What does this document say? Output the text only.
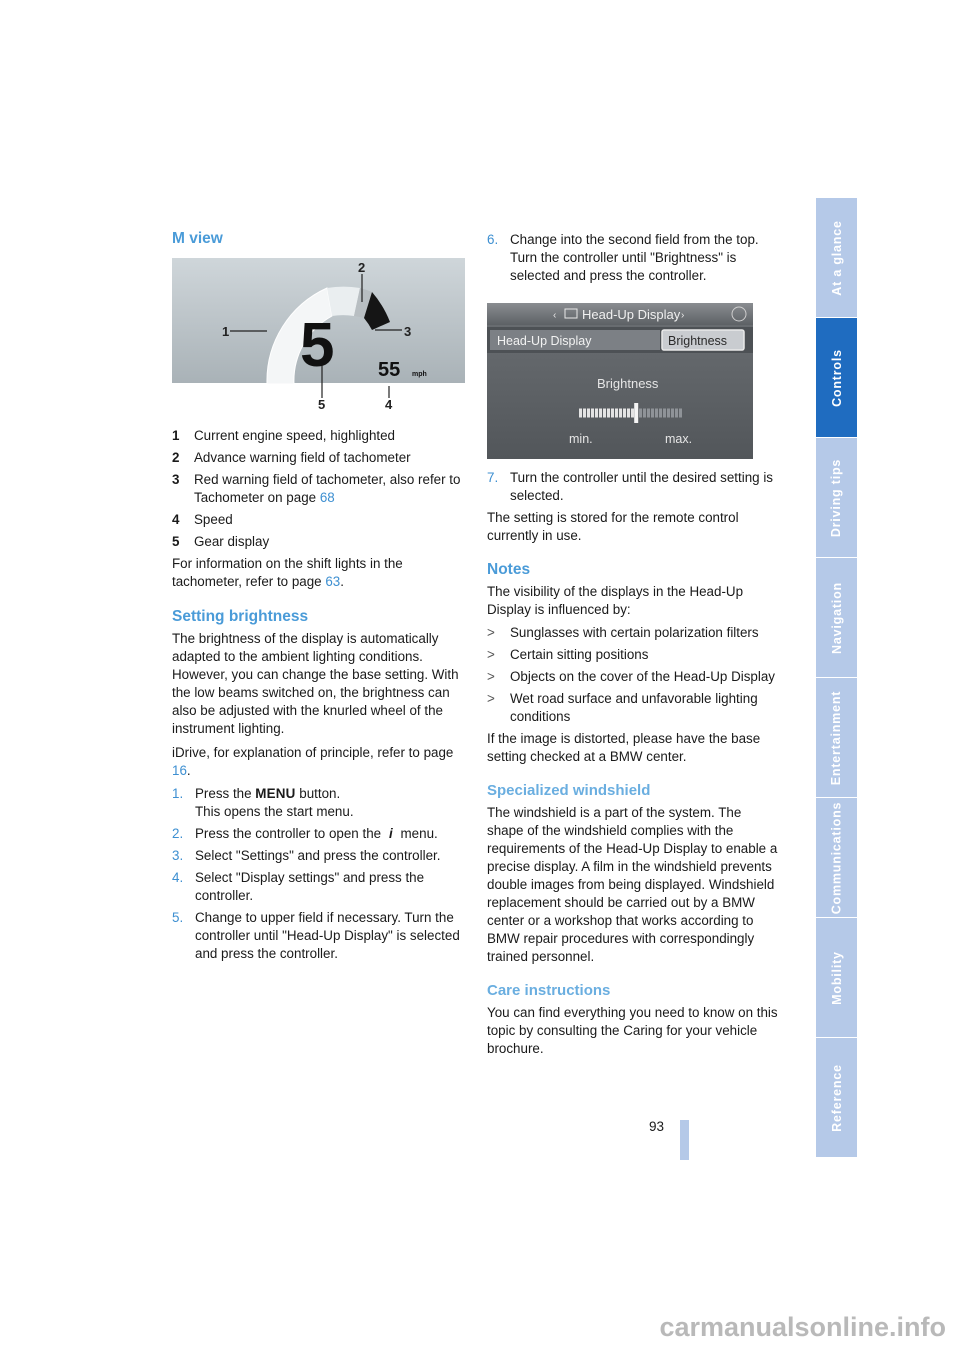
M view
1
2
3
4
5
5 55 mph
1	Current engine speed, highlighted
2	Advance warning field of tachometer
3	Red warning field of tachometer, also refer to Tachometer on page 68
4	Speed
5	Gear display

For information on the shift lights in the tachometer, refer to page 63.

Setting brightness

The brightness of the display is automatically adapted to the ambient lighting conditions. However, you can change the base setting. With the low beams switched on, the brightness can also be adjusted with the knurled wheel of the instrument lighting.

iDrive, for explanation of principle, refer to page 16.

1. Press the MENU button.
This opens the start menu.
2. Press the controller to open the i menu.
3. Select "Settings" and press the controller.
4. Select "Display settings" and press the controller.
5. Change to upper field if necessary. Turn the controller until "Head-Up Display" is selected and press the controller.
6. Change into the second field from the top. Turn the controller until "Brightness" is selected and press the controller.
‹ Head-Up Display ›
Head-Up Display	Brightness
Brightness
min.	max.
7. Turn the controller until the desired setting is selected.

The setting is stored for the remote control currently in use.

Notes

The visibility of the displays in the Head-Up Display is influenced by:

>	Sunglasses with certain polarization filters
>	Certain sitting positions
>	Objects on the cover of the Head-Up Display
>	Wet road surface and unfavorable lighting conditions

If the image is distorted, please have the base setting checked at a BMW center.

Specialized windshield

The windshield is a part of the system. The shape of the windshield complies with the requirements of the Head-Up Display to enable a precise display. A film in the windshield prevents double images from being displayed. Windshield replacement should be carried out by a BMW center or a workshop that works according to BMW repair procedures with correspondingly trained personnel.

Care instructions

You can find everything you need to know on this topic by consulting the Caring for your vehicle brochure.

At a glance
Controls
Driving tips
Navigation
Entertainment
Communications
Mobility
Reference
93
carmanualsonline.info
